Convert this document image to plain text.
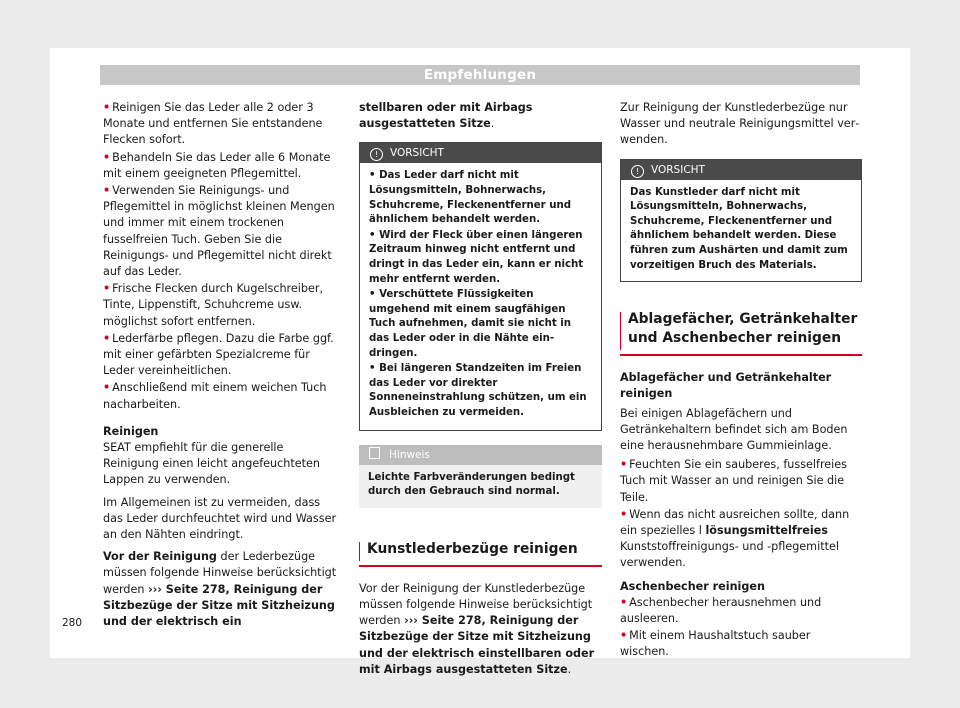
Empfehlungen

• Reinigen Sie das Leder alle 2 oder 3 Monate und entfernen Sie entstandene Flecken sofort.

• Behandeln Sie das Leder alle 6 Monate mit einem geeigneten Pflegemittel.

• Verwenden Sie Reinigungs- und Pflegemittel in möglichst kleinen Mengen und immer mit einem trockenen fusselfreien Tuch. Geben Sie die Reinigungs- und Pflegemittel nicht direkt auf das Leder.

• Frische Flecken durch Kugelschreiber, Tinte, Lippenstift, Schuhcreme usw. möglichst sofort entfernen.

• Lederfarbe pflegen. Dazu die Farbe ggf. mit einer gefärbten Spezialcreme für Leder vereinheitlichen.

• Anschließend mit einem weichen Tuch nacharbeiten.

Reinigen

SEAT empfiehlt für die generelle Reinigung einen leicht angefeuchteten Lappen zu verwenden.

Im Allgemeinen ist zu vermeiden, dass das Leder durchfeuchtet wird und Wasser an den Nähten eindringt.

Vor der Reinigung der Lederbezüge müssen folgende Hinweise berücksichtigt werden ››› Seite 278, Reinigung der Sitzbezüge der Sitze mit Sitzheizung und der elektrisch ein

stellbaren oder mit Airbags ausgestatteten Sitze.

! VORSICHT

• Das Leder darf nicht mit Lösungsmitteln, Bohnerwachs, Schuhcreme, Fleckenentferner und ähnlichem behandelt werden.

• Wird der Fleck über einen längeren Zeitraum hinweg nicht entfernt und dringt in das Leder ein, kann er nicht mehr entfernt werden.

• Verschüttete Flüssigkeiten umgehend mit einem saugfähigen Tuch aufnehmen, damit sie nicht in das Leder oder in die Nähte eindringen.

• Bei längeren Standzeiten im Freien das Leder vor direkter Sonneneinstrahlung schützen, um ein Ausbleichen zu vermeiden.

Hinweis
Leichte Farbveränderungen bedingt durch den Gebrauch sind normal.
Kunstlederbezüge reinigen

Vor der Reinigung der Kunstlederbezüge müssen folgende Hinweise berücksichtigt werden ››› Seite 278, Reinigung der Sitzbezüge der Sitze mit Sitzheizung und der elektrisch einstellbaren oder mit Airbags ausgestatteten Sitze.

Zur Reinigung der Kunstlederbezüge nur Wasser und neutrale Reinigungsmittel verwenden.

! VORSICHT
Das Kunstleder darf nicht mit Lösungsmitteln, Bohnerwachs, Schuhcreme, Fleckenentferner und ähnlichem behandelt werden. Diese führen zum Aushärten und damit zum vorzeitigen Bruch des Materials.
Ablagefächer, Getränkehalter und Aschenbecher reinigen

Ablagefächer und Getränkehalter reinigen

Bei einigen Ablagefächern und Getränkehaltern befindet sich am Boden eine herausnehmbare Gummieinlage.

• Feuchten Sie ein sauberes, fusselfreies Tuch mit Wasser an und reinigen Sie die Teile.

• Wenn das nicht ausreichen sollte, dann ein spezielles l lösungsmittelfreies Kunststoffreinigungs- und -pflegemittel verwenden.

Aschenbecher reinigen

• Aschenbecher herausnehmen und ausleeren.

• Mit einem Haushaltstuch sauber wischen.

280
